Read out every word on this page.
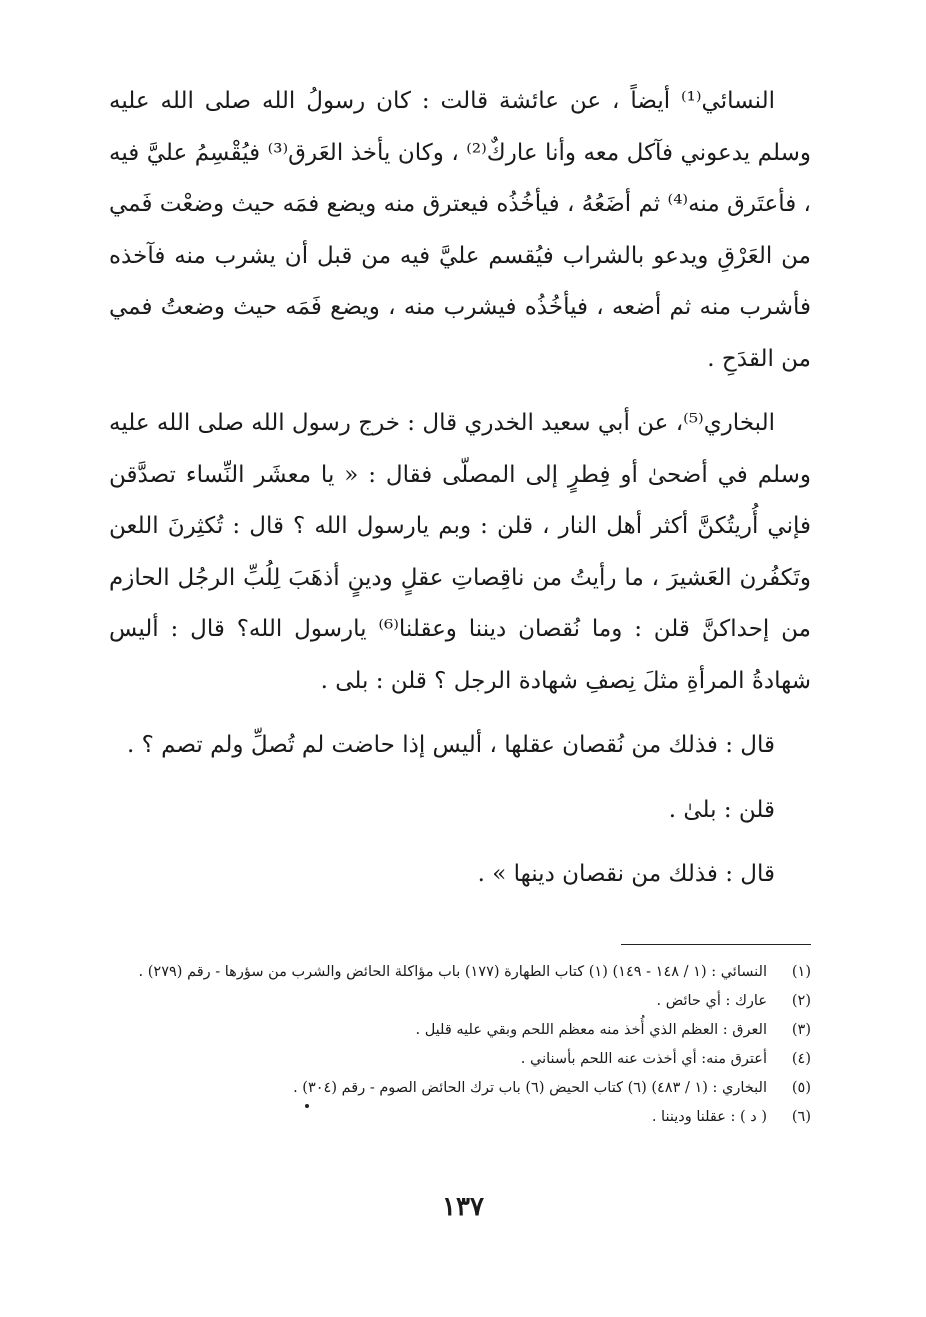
النسائي⁽¹⁾ أيضاً ، عن عائشة قالت : كان رسولُ الله صلى الله عليه وسلم يدعوني فآكل معه وأنا عاركٌ⁽²⁾ ، وكان يأخذ العَرق⁽³⁾ فيُقْسِمُ عليَّ فيه ، فأعتَرق منه⁽⁴⁾ ثم أضَعُهُ ، فيأخُذُه فيعترق منه ويضع فمَه حيث وضعْت فَمي من العَرْقِ ويدعو بالشراب فيُقسم عليَّ فيه من قبل أن يشرب منه فآخذه فأشرب منه ثم أضعه ، فيأخُذُه فيشرب منه ، ويضع فَمَه حيث وضعتُ فمي من القدَحِ .

البخاري⁽⁵⁾، عن أبي سعيد الخدري قال : خرج رسول الله صلى الله عليه وسلم في أضحىٰ أو فِطرٍ إلى المصلّى فقال : « يا معشَر النِّساء تصدَّقن فإني أُريتُكنَّ أكثر أهل النار ، قلن : وبم يارسول الله ؟ قال : تُكثِرنَ اللعن وتَكفُرن العَشيرَ ، ما رأيتُ من ناقِصاتِ عقلٍ ودينٍ أذهَبَ لِلُبِّ الرجُل الحازم من إحداكنَّ قلن : وما نُقصان ديننا وعقلنا⁽⁶⁾ يارسول الله؟ قال : أليس شهادةُ المرأةِ مثلَ نِصفِ شهادة الرجل ؟ قلن : بلى .

قال : فذلك من نُقصان عقلها ، أليس إذا حاضت لم تُصلِّ ولم تصم ؟ .

قلن : بلىٰ .

قال : فذلك من نقصان دينها » .

(١)
النسائي : (١ / ١٤٨ - ١٤٩) (١) كتاب الطهارة (١٧٧) باب مؤاكلة الحائض والشرب من سؤرها - رقم (٢٧٩) .
(٢)
عارك : أي حائض .
(٣)
العرق : العظم الذي أُخذ منه معظم اللحم وبقي عليه قليل .
(٤)
أعترق منه: أي أخذت عنه اللحم بأسناني .
(٥)
البخاري : (١ / ٤٨٣) (٦) كتاب الحيض (٦) باب ترك الحائض الصوم - رقم (٣٠٤) .
(٦)
( د ) : عقلنا وديننا .
١٣٧
